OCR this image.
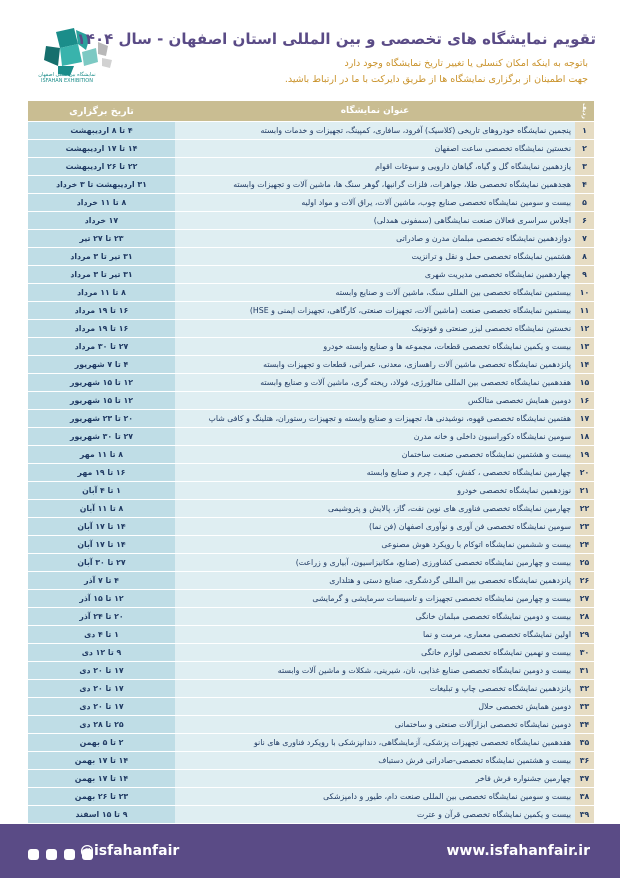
نمایشگاه بین‌المللی اصفهان ISFAHAN EXHIBITION
تقویم نمایشگاه های تخصصی و بین المللی استان اصفهان - سال ۱۴۰۴
باتوجه به اینکه امکان کنسلی یا تغییر تاریخ نمایشگاه وجود دارد
جهت اطمینان از برگزاری نمایشگاه ها از طریق دایرکت با ما در ارتباط باشید.
ردیف	عنوان نمایشگاه	تاریخ برگزاری
۱	پنجمین نمایشگاه خودروهای تاریخی (کلاسیک) آفرود، سافاری، کمپینگ، تجهیزات و خدمات وابسته	۴ تا ۸ اردیبهشت
۲	نخستین نمایشگاه تخصصی ساعت اصفهان	۱۴ تا ۱۷ اردیبهشت
۳	یازدهمین نمایشگاه گل و گیاه، گیاهان دارویی و سوغات اقوام	۲۲ تا ۲۶ اردیبهشت
۴	هجدهمین نمایشگاه تخصصی طلا، جواهرات، فلزات گرانبها، گوهر سنگ ها، ماشین آلات و تجهیزات وابسته	۳۱ اردیبهشت تا ۳ خرداد
۵	بیست و سومین نمایشگاه تخصصی صنایع چوب، ماشین آلات، یراق آلات و مواد اولیه	۸ تا ۱۱ خرداد
۶	اجلاس سراسری فعالان صنعت نمایشگاهی (سمفونی همدلی)	۱۷ خرداد
۷	دوازدهمین نمایشگاه تخصصی مبلمان مدرن و صادراتی	۲۳ تا ۲۷ تیر
۸	هشتمین نمایشگاه تخصصی حمل و نقل و ترانزیت	۳۱ تیر تا ۳ مرداد
۹	چهاردهمین نمایشگاه تخصصی مدیریت شهری	۳۱ تیر تا ۳ مرداد
۱۰	بیستمین نمایشگاه تخصصی بین المللی سنگ، ماشین آلات و صنایع وابسته	۸ تا ۱۱ مرداد
۱۱	بیستمین نمایشگاه تخصصی صنعت (ماشین آلات، تجهیزات صنعتی، کارگاهی، تجهیزات ایمنی و HSE)	۱۶ تا ۱۹ مرداد
۱۲	نخستین نمایشگاه تخصصی لیزر صنعتی و فوتونیک	۱۶ تا ۱۹ مرداد
۱۳	بیست و یکمین نمایشگاه تخصصی قطعات، مجموعه ها و صنایع وابسته خودرو	۲۷ تا ۳۰ مرداد
۱۴	پانزدهمین نمایشگاه تخصصی ماشین آلات راهسازی، معدنی، عمرانی، قطعات و تجهیزات وابسته	۴ تا ۷ شهریور
۱۵	هفدهمین نمایشگاه تخصصی بین المللی متالورژی، فولاد، ریخته گری، ماشین آلات و صنایع وابسته	۱۲ تا ۱۵ شهریور
۱۶	دومین همایش تخصصی متالکس	۱۲ تا ۱۵ شهریور
۱۷	هفتمین نمایشگاه تخصصی قهوه، نوشیدنی ها، تجهیزات و صنایع وابسته و تجهیزات رستوران، هتلینگ و کافی شاپ	۲۰ تا ۲۳ شهریور
۱۸	سومین نمایشگاه دکوراسیون داخلی و خانه مدرن	۲۷ تا ۳۰ شهریور
۱۹	بیست و هشتمین نمایشگاه تخصصی صنعت ساختمان	۸ تا ۱۱ مهر
۲۰	چهارمین نمایشگاه تخصصی ، کفش، کیف ، چرم و صنایع وابسته	۱۶ تا ۱۹ مهر
۲۱	نوزدهمین نمایشگاه تخصصی خودرو	۱ تا ۴ آبان
۲۲	چهارمین نمایشگاه تخصصی فناوری های نوین نفت، گاز، پالایش و پتروشیمی	۸ تا ۱۱ آبان
۲۳	سومین نمایشگاه تخصصی فن آوری و نوآوری اصفهان (فن نما)	۱۴ تا ۱۷ آبان
۲۴	بیست و ششمین نمایشگاه اتوکام با رویکرد هوش مصنوعی	۱۴ تا ۱۷ آبان
۲۵	بیست و چهارمین نمایشگاه تخصصی کشاورزی (صنایع، مکانیزاسیون، آبیاری و زراعت)	۲۷ تا ۳۰ آبان
۲۶	پانزدهمین نمایشگاه تخصصی بین المللی گردشگری، صنایع دستی و هتلداری	۴ تا ۷ آذر
۲۷	بیست و چهارمین نمایشگاه تخصصی تجهیزات و تاسیسات سرمایشی و گرمایشی	۱۲ تا ۱۵ آذر
۲۸	بیست و دومین نمایشگاه تخصصی مبلمان خانگی	۲۰ تا ۲۴ آذر
۲۹	اولین نمایشگاه تخصصی معماری، مرمت و نما	۱ تا ۴ دی
۳۰	بیست و نهمین نمایشگاه تخصصی لوازم خانگی	۹ تا ۱۲ دی
۳۱	بیست و دومین نمایشگاه تخصصی صنایع غذایی، نان، شیرینی، شکلات و ماشین آلات وابسته	۱۷ تا ۲۰ دی
۳۲	پانزدهمین نمایشگاه تخصصی چاپ و تبلیغات	۱۷ تا ۲۰ دی
۳۳	دومین همایش تخصصی حلال	۱۷ تا ۲۰ دی
۳۴	دومین نمایشگاه تخصصی ابزارآلات صنعتی و ساختمانی	۲۵ تا ۲۸ دی
۳۵	هفدهمین نمایشگاه تخصصی تجهیزات پزشکی، آزمایشگاهی، دندانپزشکی با رویکرد فناوری های نانو	۲ تا ۵ بهمن
۳۶	بیست و هشتمین نمایشگاه تخصصی-صادراتی فرش دستباف	۱۴ تا ۱۷ بهمن
۳۷	چهارمین جشنواره فرش فاخر	۱۴ تا ۱۷ بهمن
۳۸	بیست و سومین نمایشگاه تخصصی بین المللی صنعت دام، طیور و دامپزشکی	۲۳ تا ۲۶ بهمن
۳۹	بیست و یکمین نمایشگاه تخصصی قرآن و عترت	۹ تا ۱۵ اسفند

@isfahanfair	www.isfahanfair.ir
